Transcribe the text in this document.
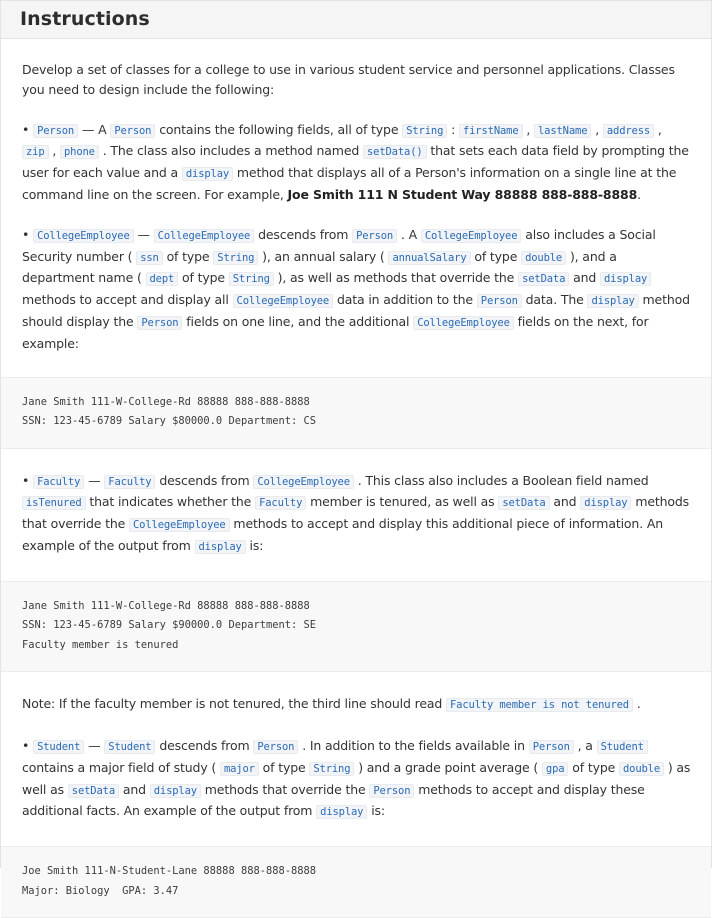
Instructions

Develop a set of classes for a college to use in various student service and personnel applications. Classes you need to design include the following:

• Person — A Person contains the following fields, all of type String : firstName , lastName , address , zip , phone . The class also includes a method named setData() that sets each data field by prompting the user for each value and a display method that displays all of a Person's information on a single line at the command line on the screen. For example, Joe Smith 111 N Student Way 88888 888-888-8888.

• CollegeEmployee — CollegeEmployee descends from Person . A CollegeEmployee also includes a Social Security number ( ssn of type String ), an annual salary ( annualSalary of type double ), and a department name ( dept of type String ), as well as methods that override the setData and display methods to accept and display all CollegeEmployee data in addition to the Person data. The display method should display the Person fields on one line, and the additional CollegeEmployee fields on the next, for example:

Jane Smith 111-W-College-Rd 88888 888-888-8888
SSN: 123-45-6789 Salary $80000.0 Department: CS

• Faculty — Faculty descends from CollegeEmployee . This class also includes a Boolean field named isTenured that indicates whether the Faculty member is tenured, as well as setData and display methods that override the CollegeEmployee methods to accept and display this additional piece of information. An example of the output from display is:

Jane Smith 111-W-College-Rd 88888 888-888-8888
SSN: 123-45-6789 Salary $90000.0 Department: SE
Faculty member is tenured

Note: If the faculty member is not tenured, the third line should read Faculty member is not tenured .

• Student — Student descends from Person . In addition to the fields available in Person , a Student contains a major field of study ( major of type String ) and a grade point average ( gpa of type double ) as well as setData and display methods that override the Person methods to accept and display these additional facts. An example of the output from display is:

Joe Smith 111-N-Student-Lane 88888 888-888-8888
Major: Biology  GPA: 3.47
